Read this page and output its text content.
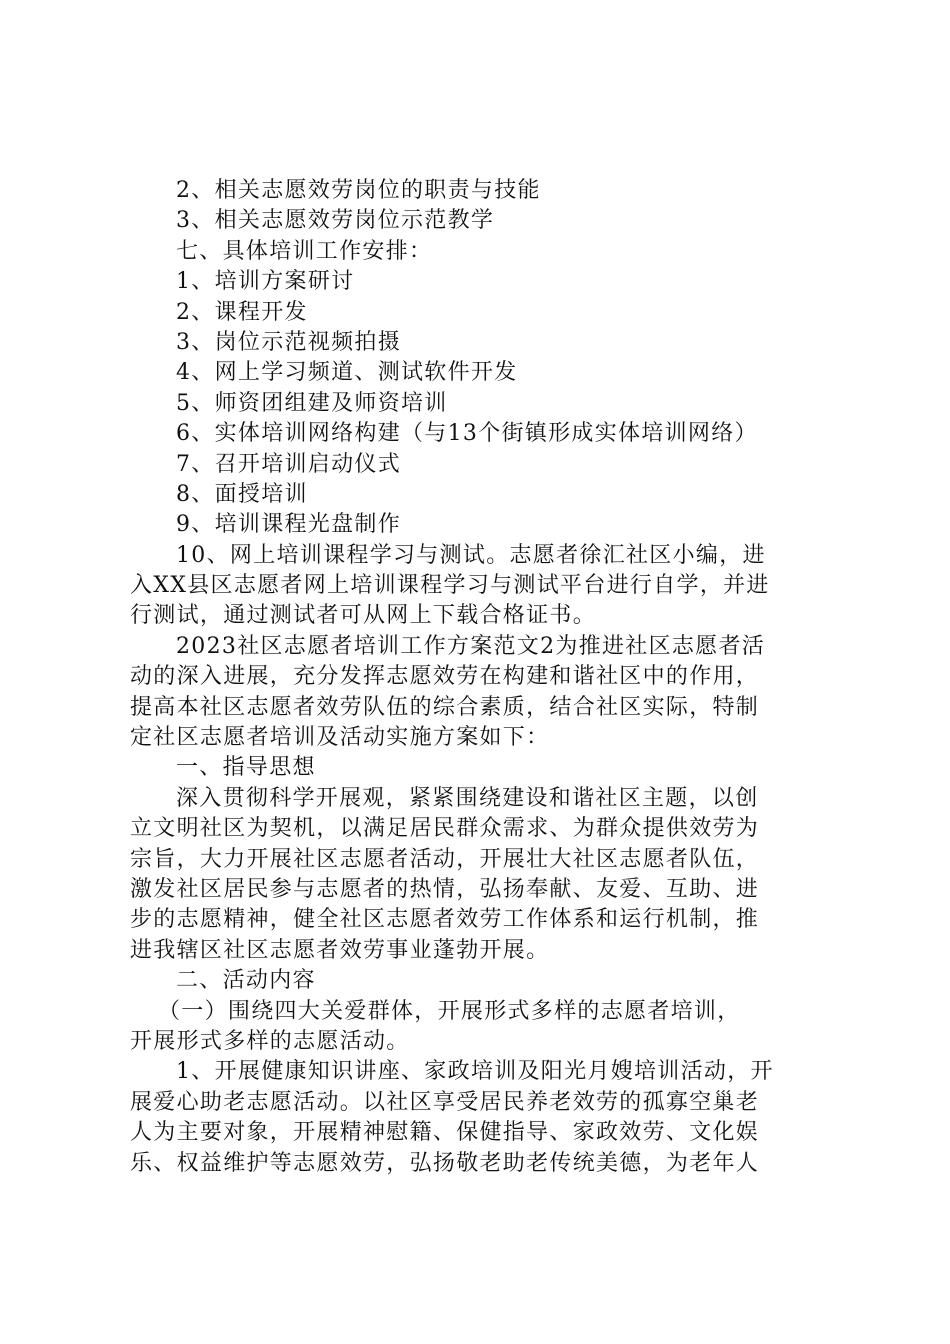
2、相关志愿效劳岗位的职责与技能
3、相关志愿效劳岗位示范教学
七、具体培训工作安排：
1、培训方案研讨
2、课程开发
3、岗位示范视频拍摄
4、网上学习频道、测试软件开发
5、师资团组建及师资培训
6、实体培训网络构建（与13个街镇形成实体培训网络）
7、召开培训启动仪式
8、面授培训
9、培训课程光盘制作
10、网上培训课程学习与测试。志愿者徐汇社区小编，进
入XX县区志愿者网上培训课程学习与测试平台进行自学，并进
行测试，通过测试者可从网上下载合格证书。
2023社区志愿者培训工作方案范文2为推进社区志愿者活
动的深入进展，充分发挥志愿效劳在构建和谐社区中的作用，
提高本社区志愿者效劳队伍的综合素质，结合社区实际，特制
定社区志愿者培训及活动实施方案如下：
一、指导思想
深入贯彻科学开展观，紧紧围绕建设和谐社区主题，以创
立文明社区为契机，以满足居民群众需求、为群众提供效劳为
宗旨，大力开展社区志愿者活动，开展壮大社区志愿者队伍，
激发社区居民参与志愿者的热情，弘扬奉献、友爱、互助、进
步的志愿精神，健全社区志愿者效劳工作体系和运行机制，推
进我辖区社区志愿者效劳事业蓬勃开展。
二、活动内容
（一）围绕四大关爱群体，开展形式多样的志愿者培训，
开展形式多样的志愿活动。
1、开展健康知识讲座、家政培训及阳光月嫂培训活动，开
展爱心助老志愿活动。以社区享受居民养老效劳的孤寡空巢老
人为主要对象，开展精神慰籍、保健指导、家政效劳、文化娱
乐、权益维护等志愿效劳，弘扬敬老助老传统美德，为老年人
